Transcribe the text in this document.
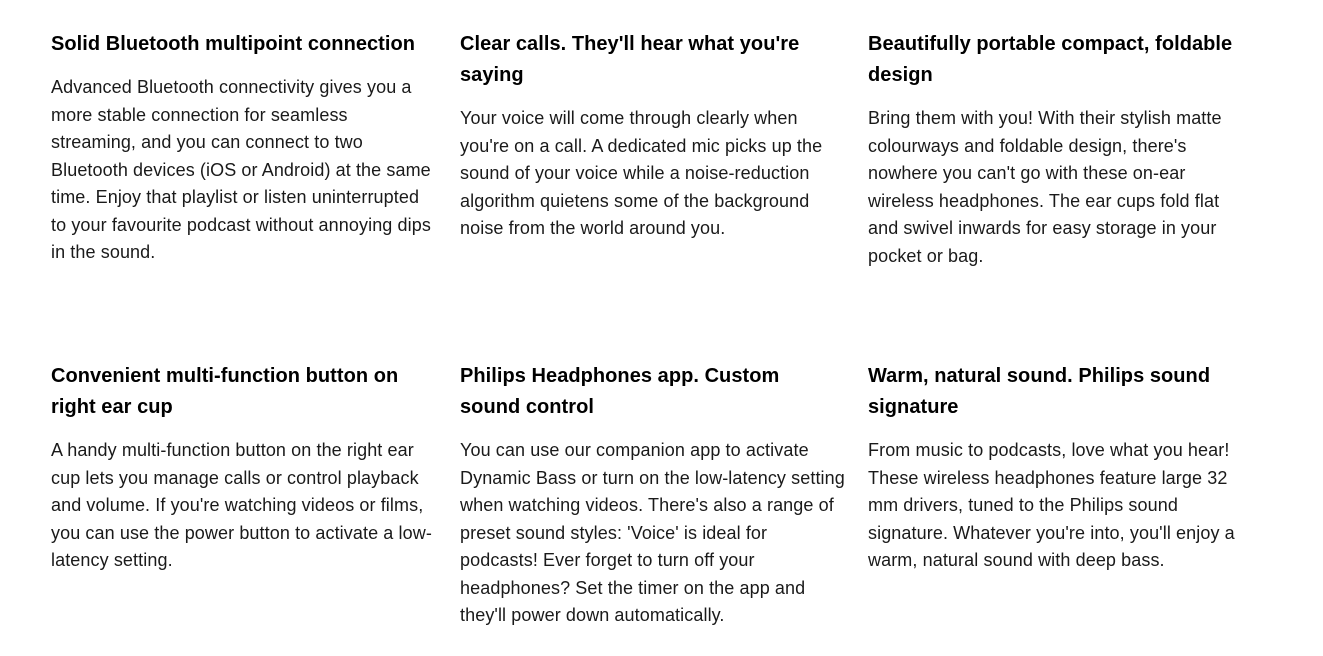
Solid Bluetooth multipoint connection

Advanced Bluetooth connectivity gives you a more stable connection for seamless streaming, and you can connect to two Bluetooth devices (iOS or Android) at the same time. Enjoy that playlist or listen uninterrupted to your favourite podcast without annoying dips in the sound.

Clear calls. They'll hear what you're saying

Your voice will come through clearly when you're on a call. A dedicated mic picks up the sound of your voice while a noise-reduction algorithm quietens some of the background noise from the world around you.

Beautifully portable compact, foldable design

Bring them with you! With their stylish matte colourways and foldable design, there's nowhere you can't go with these on-ear wireless headphones. The ear cups fold flat and swivel inwards for easy storage in your pocket or bag.

Convenient multi-function button on right ear cup

A handy multi-function button on the right ear cup lets you manage calls or control playback and volume. If you're watching videos or films, you can use the power button to activate a low-latency setting.

Philips Headphones app. Custom sound control

You can use our companion app to activate Dynamic Bass or turn on the low-latency setting when watching videos. There's also a range of preset sound styles: 'Voice' is ideal for podcasts! Ever forget to turn off your headphones? Set the timer on the app and they'll power down automatically.

Warm, natural sound. Philips sound signature

From music to podcasts, love what you hear! These wireless headphones feature large 32 mm drivers, tuned to the Philips sound signature. Whatever you're into, you'll enjoy a warm, natural sound with deep bass.
